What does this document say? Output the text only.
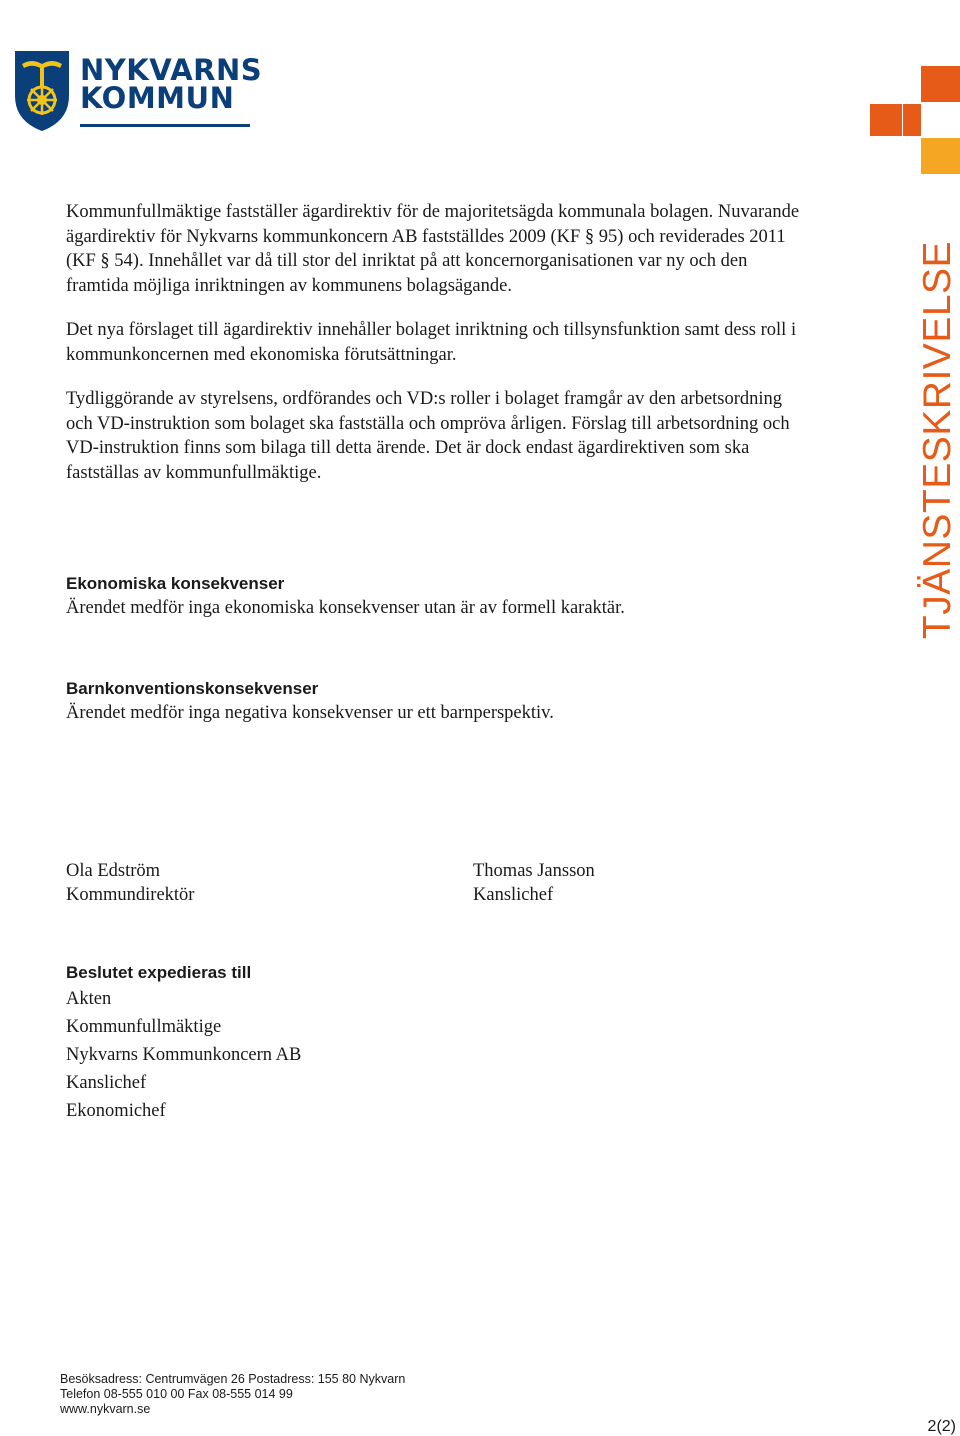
NYKVARNS
KOMMUN
TJÄNSTESKRIVELSE

Kommunfullmäktige fastställer ägardirektiv för de majoritetsägda kommunala bolagen. Nuvarande ägardirektiv för Nykvarns kommunkoncern AB fastställdes 2009 (KF § 95) och reviderades 2011 (KF § 54). Innehållet var då till stor del inriktat på att koncernorganisationen var ny och den framtida möjliga inriktningen av kommunens bolagsägande.

Det nya förslaget till ägardirektiv innehåller bolaget inriktning och tillsynsfunktion samt dess roll i kommunkoncernen med ekonomiska förutsättningar.

Tydliggörande av styrelsens, ordförandes och VD:s roller i bolaget framgår av den arbetsordning och VD-instruktion som bolaget ska fastställa och ompröva årligen. Förslag till arbetsordning och VD-instruktion finns som bilaga till detta ärende. Det är dock endast ägardirektiven som ska fastställas av kommunfullmäktige.

Ekonomiska konsekvenser

Ärendet medför inga ekonomiska konsekvenser utan är av formell karaktär.

Barnkonventionskonsekvenser

Ärendet medför inga negativa konsekvenser ur ett barnperspektiv.

Ola Edström
Kommundirektör
Thomas Jansson
Kanslichef
Beslutet expedieras till
Akten
Kommunfullmäktige
Nykvarns Kommunkoncern AB
Kanslichef
Ekonomichef
Besöksadress: Centrumvägen 26 Postadress: 155 80 Nykvarn
Telefon 08-555 010 00 Fax 08-555 014 99
www.nykvarn.se
2(2)
